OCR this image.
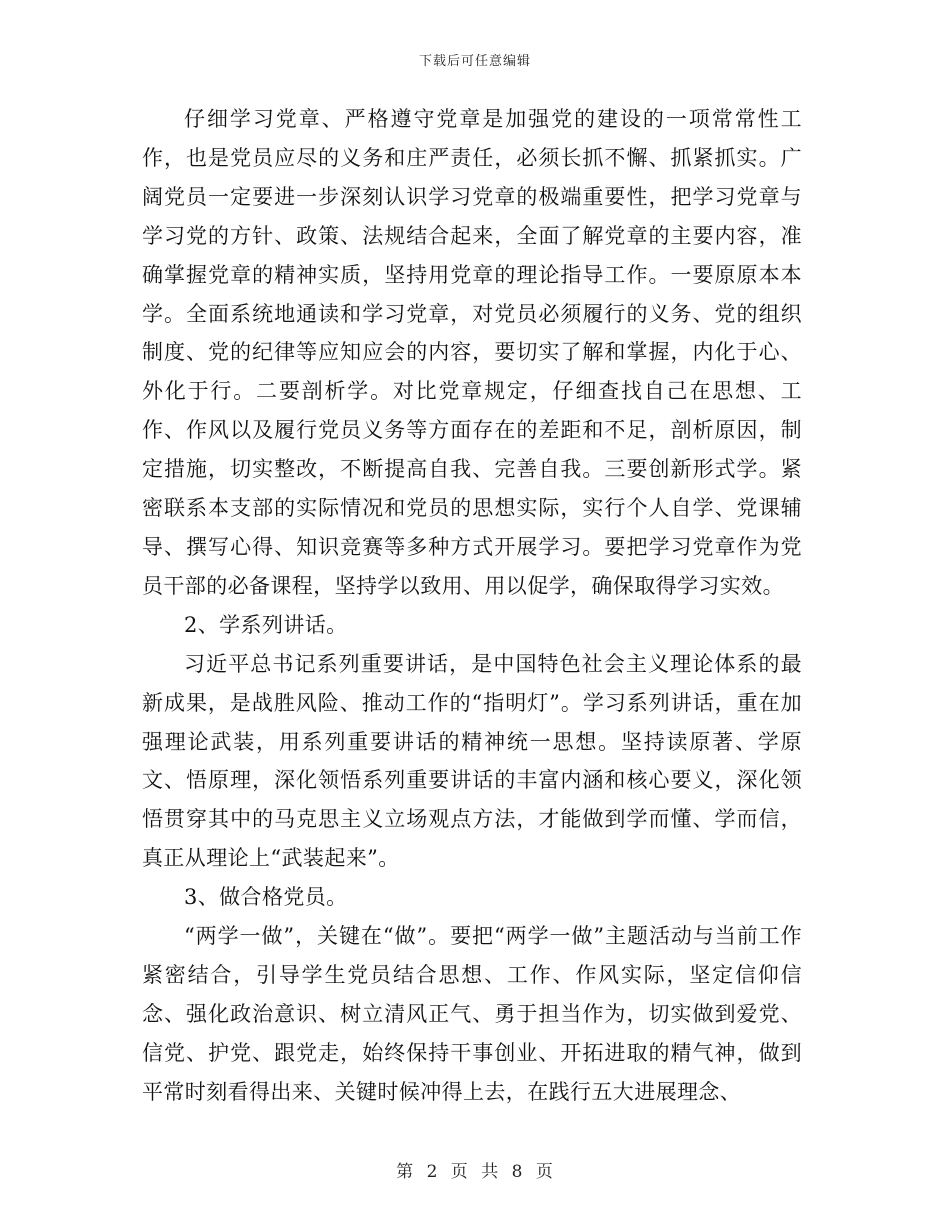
下载后可任意编辑

仔细学习党章、严格遵守党章是加强党的建设的一项常常性工作，也是党员应尽的义务和庄严责任，必须长抓不懈、抓紧抓实。广阔党员一定要进一步深刻认识学习党章的极端重要性，把学习党章与学习党的方针、政策、法规结合起来，全面了解党章的主要内容，准确掌握党章的精神实质，坚持用党章的理论指导工作。一要原原本本学。全面系统地通读和学习党章，对党员必须履行的义务、党的组织制度、党的纪律等应知应会的内容，要切实了解和掌握，内化于心、外化于行。二要剖析学。对比党章规定，仔细查找自己在思想、工作、作风以及履行党员义务等方面存在的差距和不足，剖析原因，制定措施，切实整改，不断提高自我、完善自我。三要创新形式学。紧密联系本支部的实际情况和党员的思想实际，实行个人自学、党课辅导、撰写心得、知识竞赛等多种方式开展学习。要把学习党章作为党员干部的必备课程，坚持学以致用、用以促学，确保取得学习实效。

2、学系列讲话。

习近平总书记系列重要讲话，是中国特色社会主义理论体系的最新成果，是战胜风险、推动工作的“指明灯”。学习系列讲话，重在加强理论武装，用系列重要讲话的精神统一思想。坚持读原著、学原文、悟原理，深化领悟系列重要讲话的丰富内涵和核心要义，深化领悟贯穿其中的马克思主义立场观点方法，才能做到学而懂、学而信，真正从理论上“武装起来”。

3、做合格党员。

“两学一做”，关键在“做”。要把“两学一做”主题活动与当前工作紧密结合，引导学生党员结合思想、工作、作风实际，坚定信仰信念、强化政治意识、树立清风正气、勇于担当作为，切实做到爱党、信党、护党、跟党走，始终保持干事创业、开拓进取的精气神，做到平常时刻看得出来、关键时候冲得上去，在践行五大进展理念、

第 2 页 共 8 页
